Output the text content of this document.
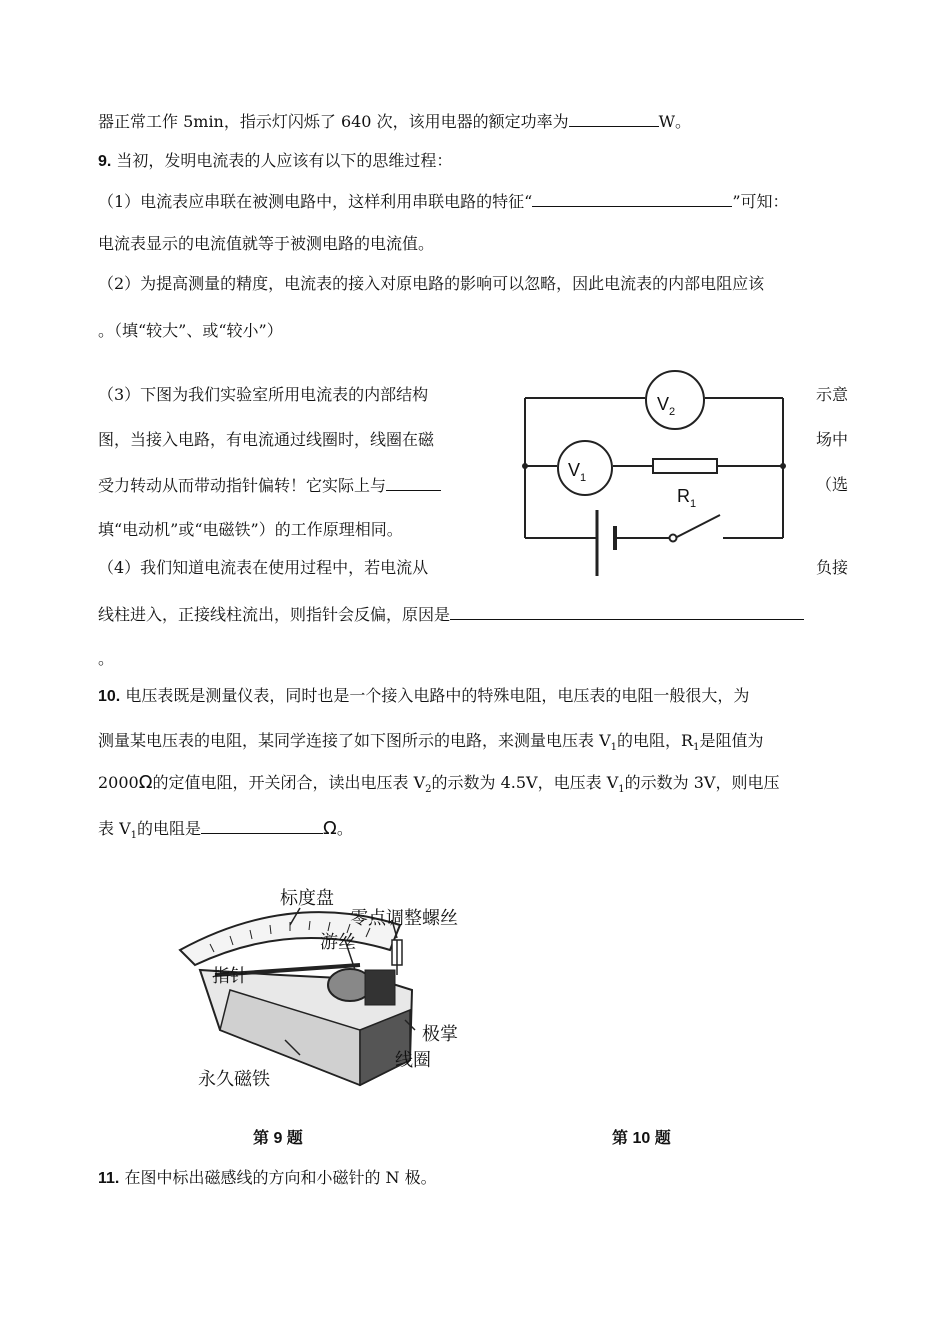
器正常工作 5min，指示灯闪烁了 640 次，该用电器的额定功率为	W。
9. 当初，发明电流表的人应该有以下的思维过程：
（1）电流表应串联在被测电路中，这样利用串联电路的特征“	”可知：
电流表显示的电流值就等于被测电路的电流值。
（2）为提高测量的精度，电流表的接入对原电路的影响可以忽略，因此电流表的内部电阻应该
。（填“较大”、或“较小”）
（3）下图为我们实验室所用电流表的内部结构	示意
图，当接入电路，有电流通过线圈时，线圈在磁	场中
受力转动从而带动指针偏转！它实际上与	（选
填“电动机”或“电磁铁”）的工作原理相同。
（4）我们知道电流表在使用过程中，若电流从	负接
线柱进入，正接线柱流出，则指针会反偏，原因是
。
10. 电压表既是测量仪表，同时也是一个接入电路中的特殊电阻，电压表的电阻一般很大，为
测量某电压表的电阻，某同学连接了如下图所示的电路，来测量电压表 $V_1$的电阻，$R_1$是阻值为
2000Ω的定值电阻，开关闭合，读出电压表 $V_2$的示数为 4.5V，电压表 $V_1$的示数为 3V，则电压
表 $V_1$的电阻是	Ω。
$V_2$
$V_1$
$R_1$
标度盘
零点调整螺丝
游丝
指针
极掌
线圈
永久磁铁
第 9 题	第 10 题
11. 在图中标出磁感线的方向和小磁针的 N 极。
